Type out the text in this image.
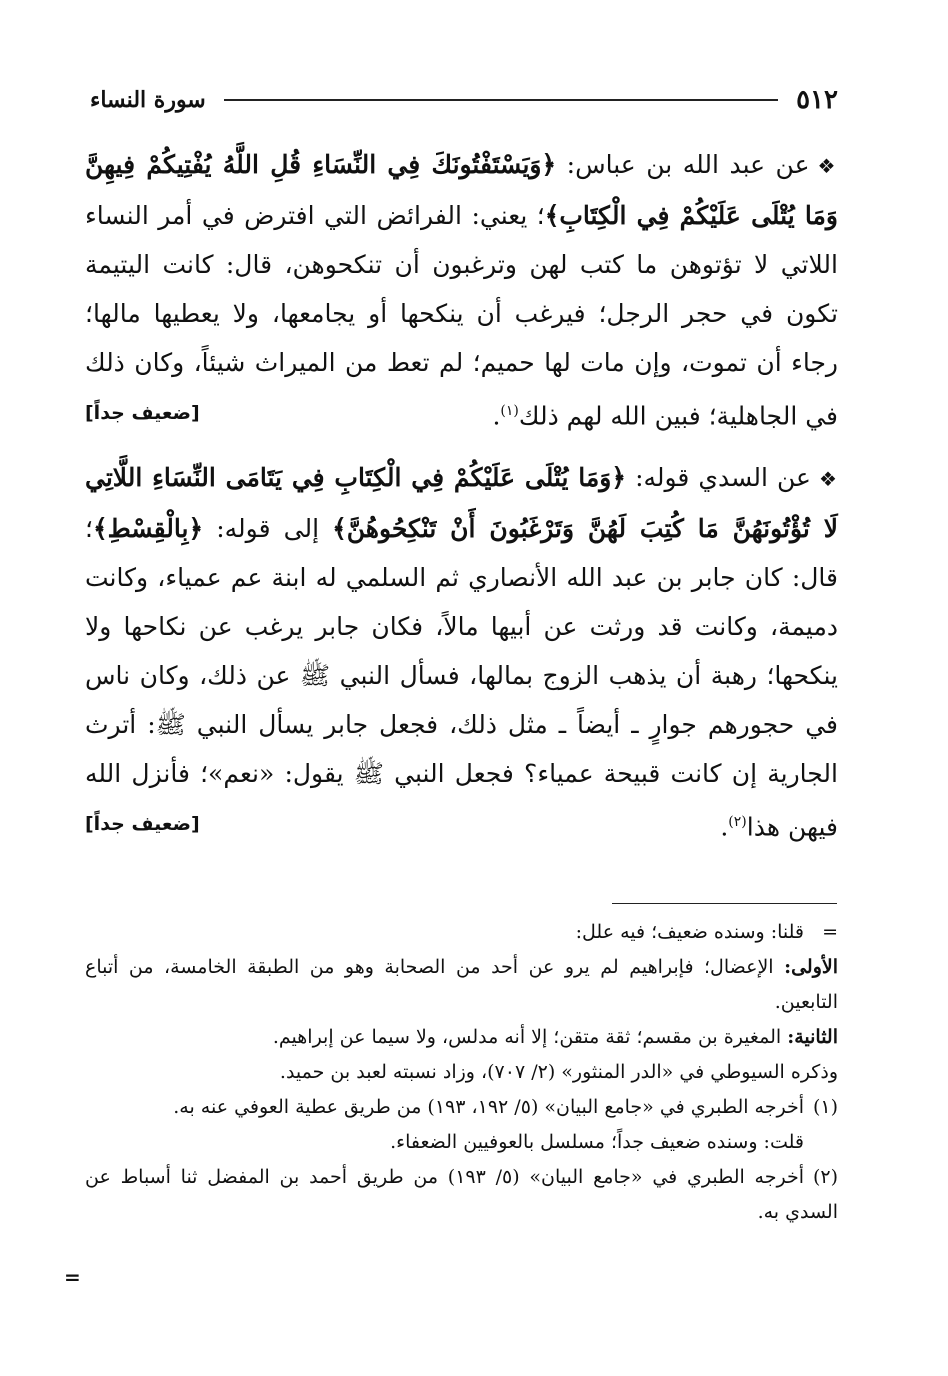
٥١٢
سورة النساء

❖عن عبد الله بن عباس: ﴿وَيَسْتَفْتُونَكَ فِي النِّسَاءِ قُلِ اللَّهُ يُفْتِيكُمْ فِيهِنَّ وَمَا يُتْلَى عَلَيْكُمْ فِي الْكِتَابِ﴾؛ يعني: الفرائض التي افترض في أمر النساء اللاتي لا تؤتوهن ما كتب لهن وترغبون أن تنكحوهن، قال: كانت اليتيمة تكون في حجر الرجل؛ فيرغب أن ينكحها أو يجامعها، ولا يعطيها مالها؛ رجاء أن تموت، وإن مات لها حميم؛ لم تعط من الميراث شيئاً، وكان ذلك في الجاهلية؛ فبين الله لهم ذلك$^{(١)}$.
[ضعيف جداً]

❖عن السدي قوله: ﴿وَمَا يُتْلَى عَلَيْكُمْ فِي الْكِتَابِ فِي يَتَامَى النِّسَاءِ اللَّاتِي لَا تُؤْتُونَهُنَّ مَا كُتِبَ لَهُنَّ وَتَرْغَبُونَ أَنْ تَنْكِحُوهُنَّ﴾ إلى قوله: ﴿بِالْقِسْطِ﴾؛ قال: كان جابر بن عبد الله الأنصاري ثم السلمي له ابنة عم عمياء، وكانت دميمة، وكانت قد ورثت عن أبيها مالاً، فكان جابر يرغب عن نكاحها ولا ينكحها؛ رهبة أن يذهب الزوج بمالها، فسأل النبي ﷺ عن ذلك، وكان ناس في حجورهم جوارٍ ـ أيضاً ـ مثل ذلك، فجعل جابر يسأل النبي ﷺ: أترث الجارية إن كانت قبيحة عمياء؟ فجعل النبي ﷺ يقول: «نعم»؛ فأنزل الله فيهن هذا$^{(٢)}$.
[ضعيف جداً]

=قلنا: وسنده ضعيف؛ فيه علل:

الأولى: الإعضال؛ فإبراهيم لم يرو عن أحد من الصحابة وهو من الطبقة الخامسة، من أتباع التابعين.

الثانية: المغيرة بن مقسم؛ ثقة متقن؛ إلا أنه مدلس، ولا سيما عن إبراهيم.

وذكره السيوطي في «الدر المنثور» (٢/ ٧٠٧)، وزاد نسبته لعبد بن حميد.

(١)أخرجه الطبري في «جامع البيان» (٥/ ١٩٢، ١٩٣) من طريق عطية العوفي عنه به.

قلت: وسنده ضعيف جداً؛ مسلسل بالعوفيين الضعفاء.

(٢)أخرجه الطبري في «جامع البيان» (٥/ ١٩٣) من طريق أحمد بن المفضل ثنا أسباط عن السدي به.

=
